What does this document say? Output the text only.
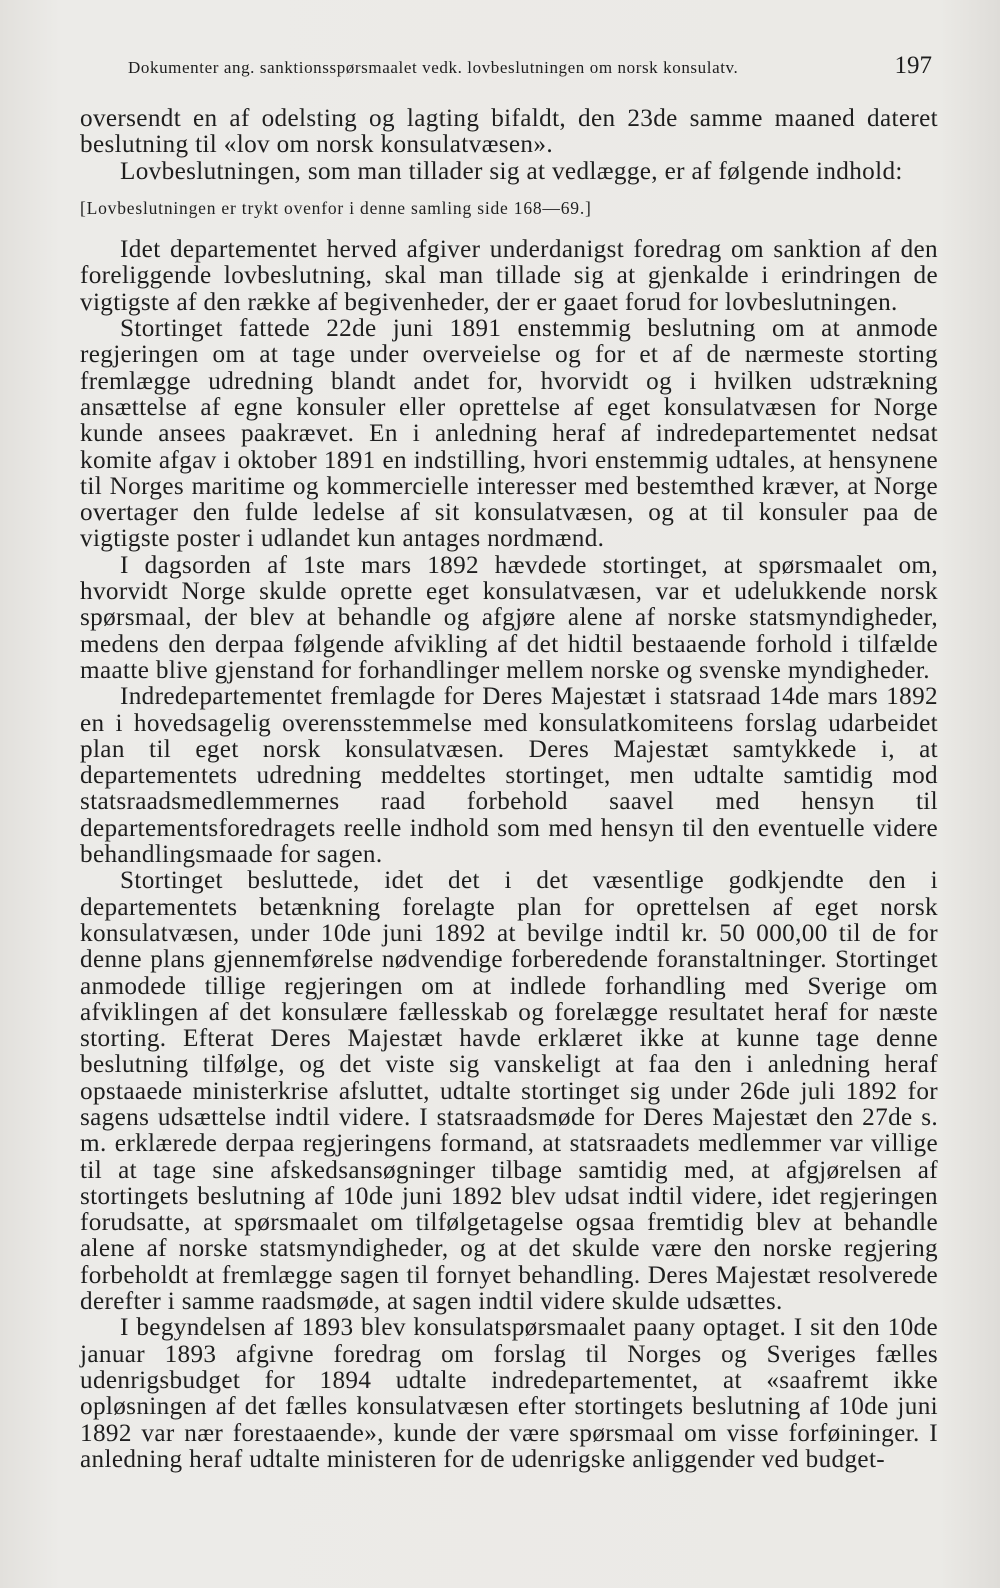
Dokumenter ang. sanktionsspørsmaalet vedk. lovbeslutningen om norsk konsulatv.	197

oversendt en af odelsting og lagting bifaldt, den 23de samme maaned dateret beslutning til «lov om norsk konsulatvæsen».

Lovbeslutningen, som man tillader sig at vedlægge, er af følgende indhold:

[Lovbeslutningen er trykt ovenfor i denne samling side 168—69.]

Idet departementet herved afgiver underdanigst foredrag om sanktion af den foreliggende lovbeslutning, skal man tillade sig at gjenkalde i erindringen de vigtigste af den række af begivenheder, der er gaaet forud for lovbeslutningen.

Stortinget fattede 22de juni 1891 enstemmig beslutning om at anmode regjeringen om at tage under overveielse og for et af de nærmeste storting fremlægge udredning blandt andet for, hvorvidt og i hvilken udstrækning ansættelse af egne konsuler eller oprettelse af eget konsulatvæsen for Norge kunde ansees paakrævet. En i anledning heraf af indredepartementet nedsat komite afgav i oktober 1891 en indstilling, hvori enstemmig udtales, at hensynene til Norges maritime og kommercielle interesser med bestemthed kræver, at Norge overtager den fulde ledelse af sit konsulatvæsen, og at til konsuler paa de vigtigste poster i udlandet kun antages nordmænd.

I dagsorden af 1ste mars 1892 hævdede stortinget, at spørsmaalet om, hvorvidt Norge skulde oprette eget konsulatvæsen, var et udelukkende norsk spørsmaal, der blev at behandle og afgjøre alene af norske statsmyndigheder, medens den derpaa følgende afvikling af det hidtil bestaaende forhold i tilfælde maatte blive gjenstand for forhandlinger mellem norske og svenske myndigheder.

Indredepartementet fremlagde for Deres Majestæt i statsraad 14de mars 1892 en i hovedsagelig overensstemmelse med konsulatkomiteens forslag udarbeidet plan til eget norsk konsulatvæsen. Deres Majestæt samtykkede i, at departementets udredning meddeltes stortinget, men udtalte samtidig mod statsraadsmedlemmernes raad forbehold saavel med hensyn til departementsforedragets reelle indhold som med hensyn til den eventuelle videre behandlingsmaade for sagen.

Stortinget besluttede, idet det i det væsentlige godkjendte den i departementets betænkning forelagte plan for oprettelsen af eget norsk konsulatvæsen, under 10de juni 1892 at bevilge indtil kr. 50 000,00 til de for denne plans gjennemførelse nødvendige forberedende foranstaltninger. Stortinget anmodede tillige regjeringen om at indlede forhandling med Sverige om afviklingen af det konsulære fællesskab og forelægge resultatet heraf for næste storting. Efterat Deres Majestæt havde erklæret ikke at kunne tage denne beslutning tilfølge, og det viste sig vanskeligt at faa den i anledning heraf opstaaede ministerkrise afsluttet, udtalte stortinget sig under 26de juli 1892 for sagens udsættelse indtil videre. I statsraadsmøde for Deres Majestæt den 27de s. m. erklærede derpaa regjeringens formand, at statsraadets medlemmer var villige til at tage sine afskedsansøgninger tilbage samtidig med, at afgjørelsen af stortingets beslutning af 10de juni 1892 blev udsat indtil videre, idet regjeringen forudsatte, at spørsmaalet om tilfølgetagelse ogsaa fremtidig blev at behandle alene af norske statsmyndigheder, og at det skulde være den norske regjering forbeholdt at fremlægge sagen til fornyet behandling. Deres Majestæt resolverede derefter i samme raadsmøde, at sagen indtil videre skulde udsættes.

I begyndelsen af 1893 blev konsulatspørsmaalet paany optaget. I sit den 10de januar 1893 afgivne foredrag om forslag til Norges og Sveriges fælles udenrigsbudget for 1894 udtalte indredepartementet, at «saafremt ikke opløsningen af det fælles konsulatvæsen efter stortingets beslutning af 10de juni 1892 var nær forestaaende», kunde der være spørsmaal om visse forføininger. I anledning heraf udtalte ministeren for de udenrigske anliggender ved budget-
